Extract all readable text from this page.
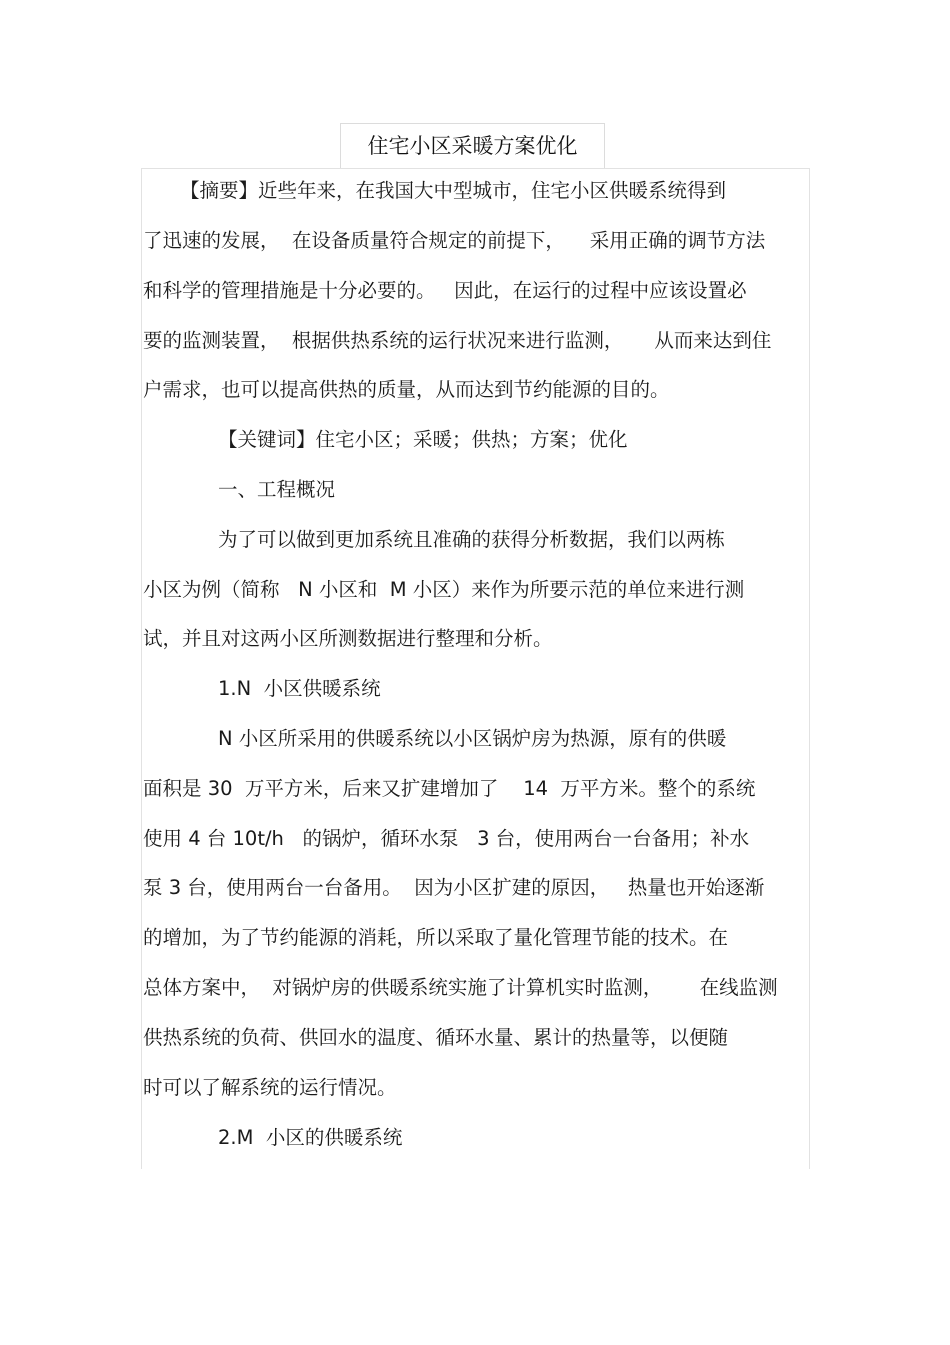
住宅小区采暖方案优化

【摘要】近些年来，在我国大中型城市，住宅小区供暖系统得到

了迅速的发展，  在设备质量符合规定的前提下，    采用正确的调节方法

和科学的管理措施是十分必要的。   因此，在运行的过程中应该设置必

要的监测装置，  根据供热系统的运行状况来进行监测，     从而来达到住

户需求，也可以提高供热的质量，从而达到节约能源的目的。

【关键词】住宅小区；采暖；供热；方案；优化

一、工程概况

为了可以做到更加系统且准确的获得分析数据，我们以两栋

小区为例（简称   N 小区和  M 小区）来作为所要示范的单位来进行测

试，并且对这两小区所测数据进行整理和分析。

1.N  小区供暖系统

N 小区所采用的供暖系统以小区锅炉房为热源，原有的供暖

面积是 30  万平方米，后来又扩建增加了    14  万平方米。整个的系统

使用 4 台 10t/h   的锅炉，循环水泵   3 台，使用两台一台备用；补水

泵 3 台，使用两台一台备用。  因为小区扩建的原因，   热量也开始逐渐

的增加，为了节约能源的消耗，所以采取了量化管理节能的技术。在

总体方案中，  对锅炉房的供暖系统实施了计算机实时监测，      在线监测

供热系统的负荷、供回水的温度、循环水量、累计的热量等，以便随

时可以了解系统的运行情况。

2.M  小区的供暖系统
